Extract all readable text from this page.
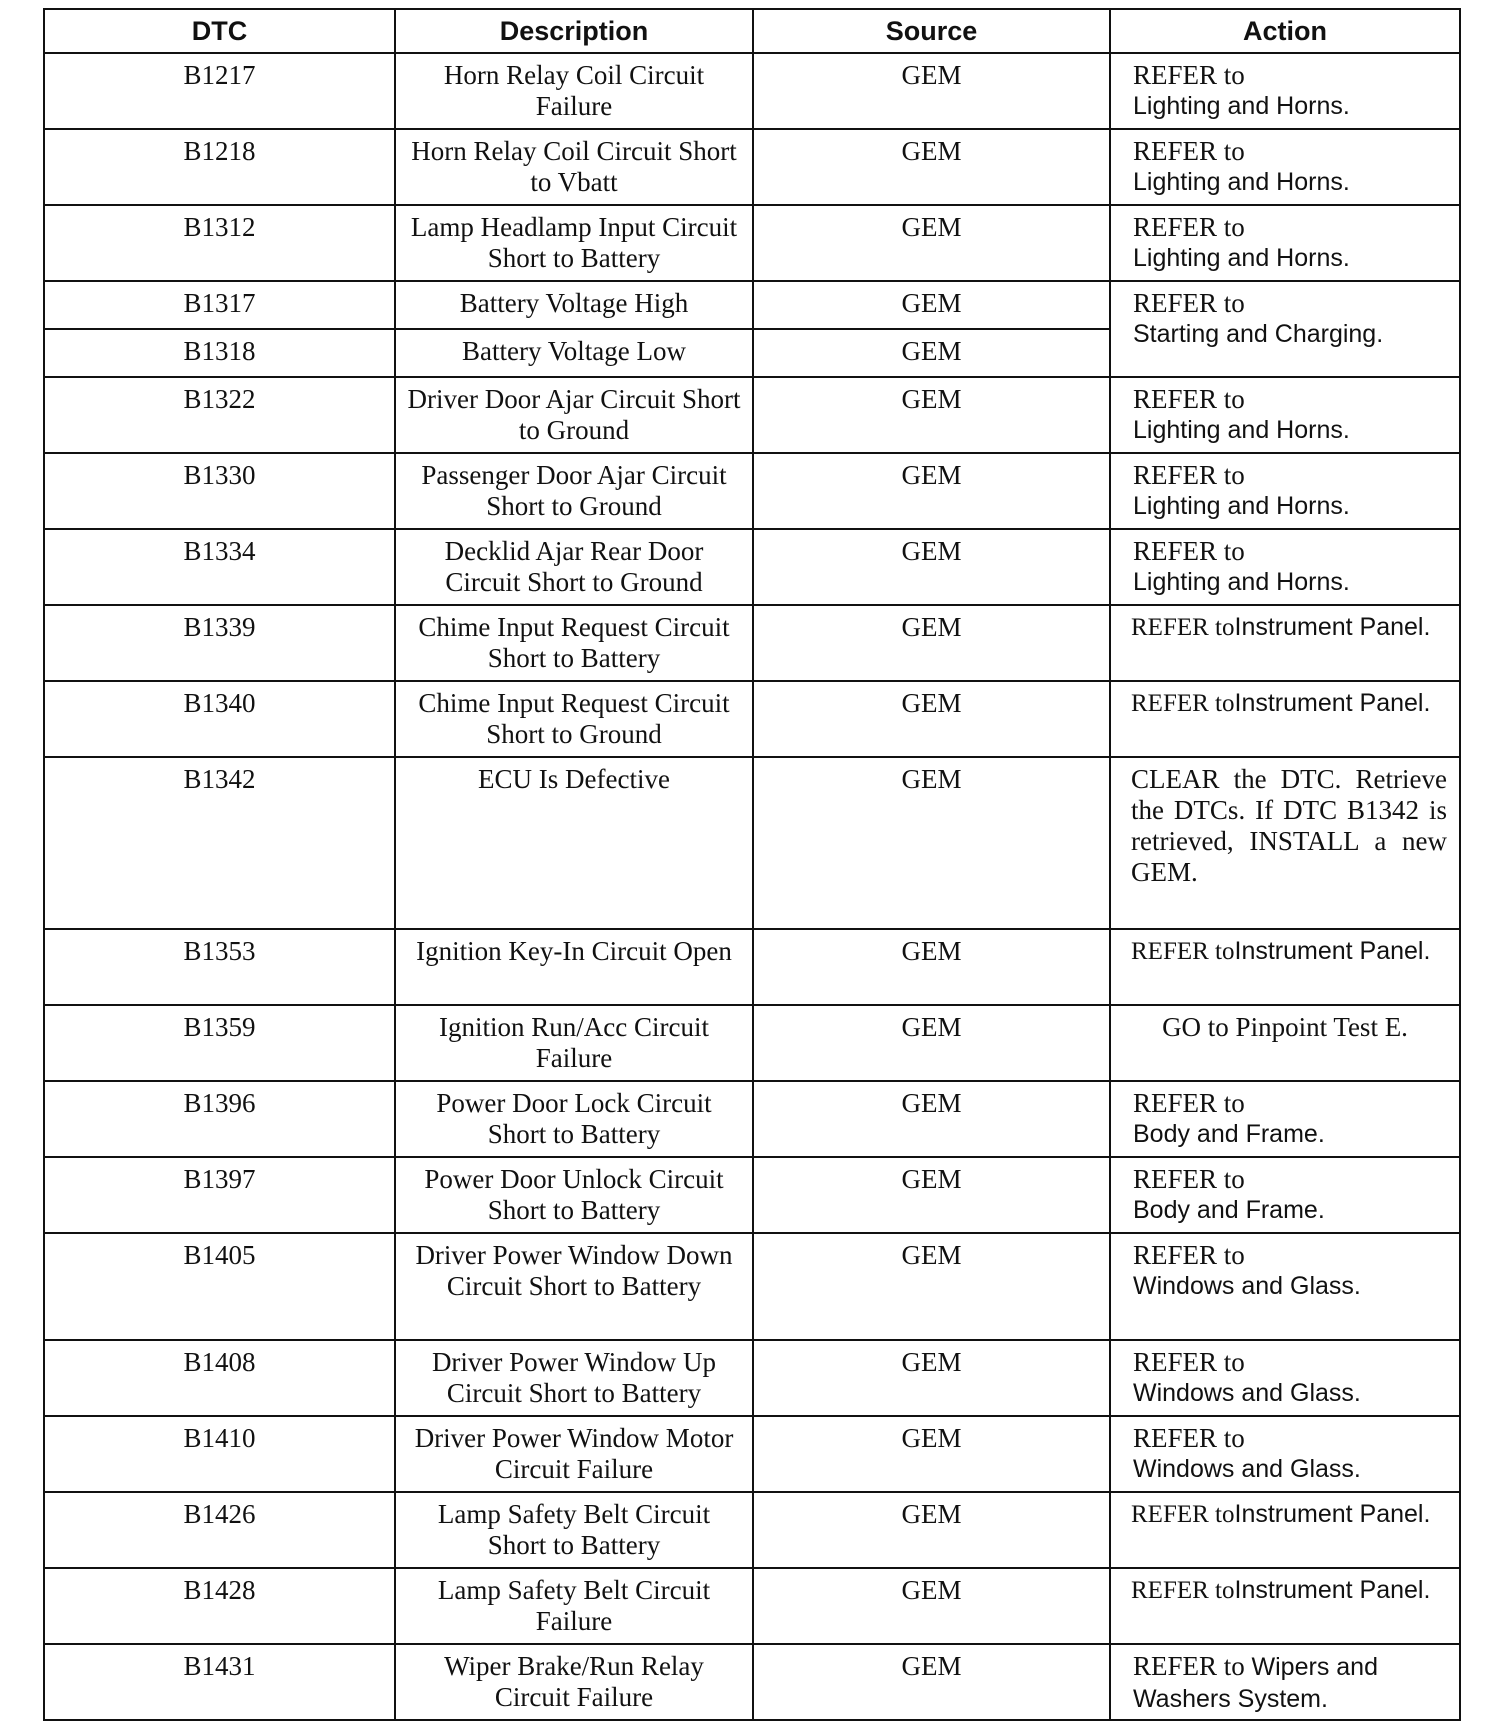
DTC	Description	Source	Action
B1217	Horn Relay Coil Circuit Failure	GEM	REFER to
Lighting and Horns.

B1218	Horn Relay Coil Circuit Short to Vbatt	GEM	REFER to
Lighting and Horns.

B1312	Lamp Headlamp Input Circuit Short to Battery	GEM	REFER to
Lighting and Horns.

B1317	Battery Voltage High	GEM	REFER to
Starting and Charging.

B1318	Battery Voltage Low	GEM	
B1322	Driver Door Ajar Circuit Short to Ground	GEM	REFER to
Lighting and Horns.

B1330	Passenger Door Ajar Circuit Short to Ground	GEM	REFER to
Lighting and Horns.

B1334	Decklid Ajar Rear Door Circuit Short to Ground	GEM	REFER to
Lighting and Horns.

B1339	Chime Input Request Circuit Short to Battery	GEM	REFER toInstrument Panel.
B1340	Chime Input Request Circuit Short to Ground	GEM	REFER toInstrument Panel.
B1342	ECU Is Defective	GEM	CLEAR the DTC. Retrieve the DTCs. If DTC B1342 is retrieved, INSTALL a new GEM.
B1353	Ignition Key-In Circuit Open	GEM	REFER toInstrument Panel.
B1359	Ignition Run/Acc Circuit Failure	GEM	GO to Pinpoint Test E.
B1396	Power Door Lock Circuit Short to Battery	GEM	REFER to
Body and Frame.

B1397	Power Door Unlock Circuit Short to Battery	GEM	REFER to
Body and Frame.

B1405	Driver Power Window Down Circuit Short to Battery	GEM	REFER to
Windows and Glass.

B1408	Driver Power Window Up Circuit Short to Battery	GEM	REFER to
Windows and Glass.

B1410	Driver Power Window Motor Circuit Failure	GEM	REFER to
Windows and Glass.

B1426	Lamp Safety Belt Circuit Short to Battery	GEM	REFER toInstrument Panel.
B1428	Lamp Safety Belt Circuit Failure	GEM	REFER toInstrument Panel.
B1431	Wiper Brake/Run Relay Circuit Failure	GEM	REFER to Wipers and Washers System.
